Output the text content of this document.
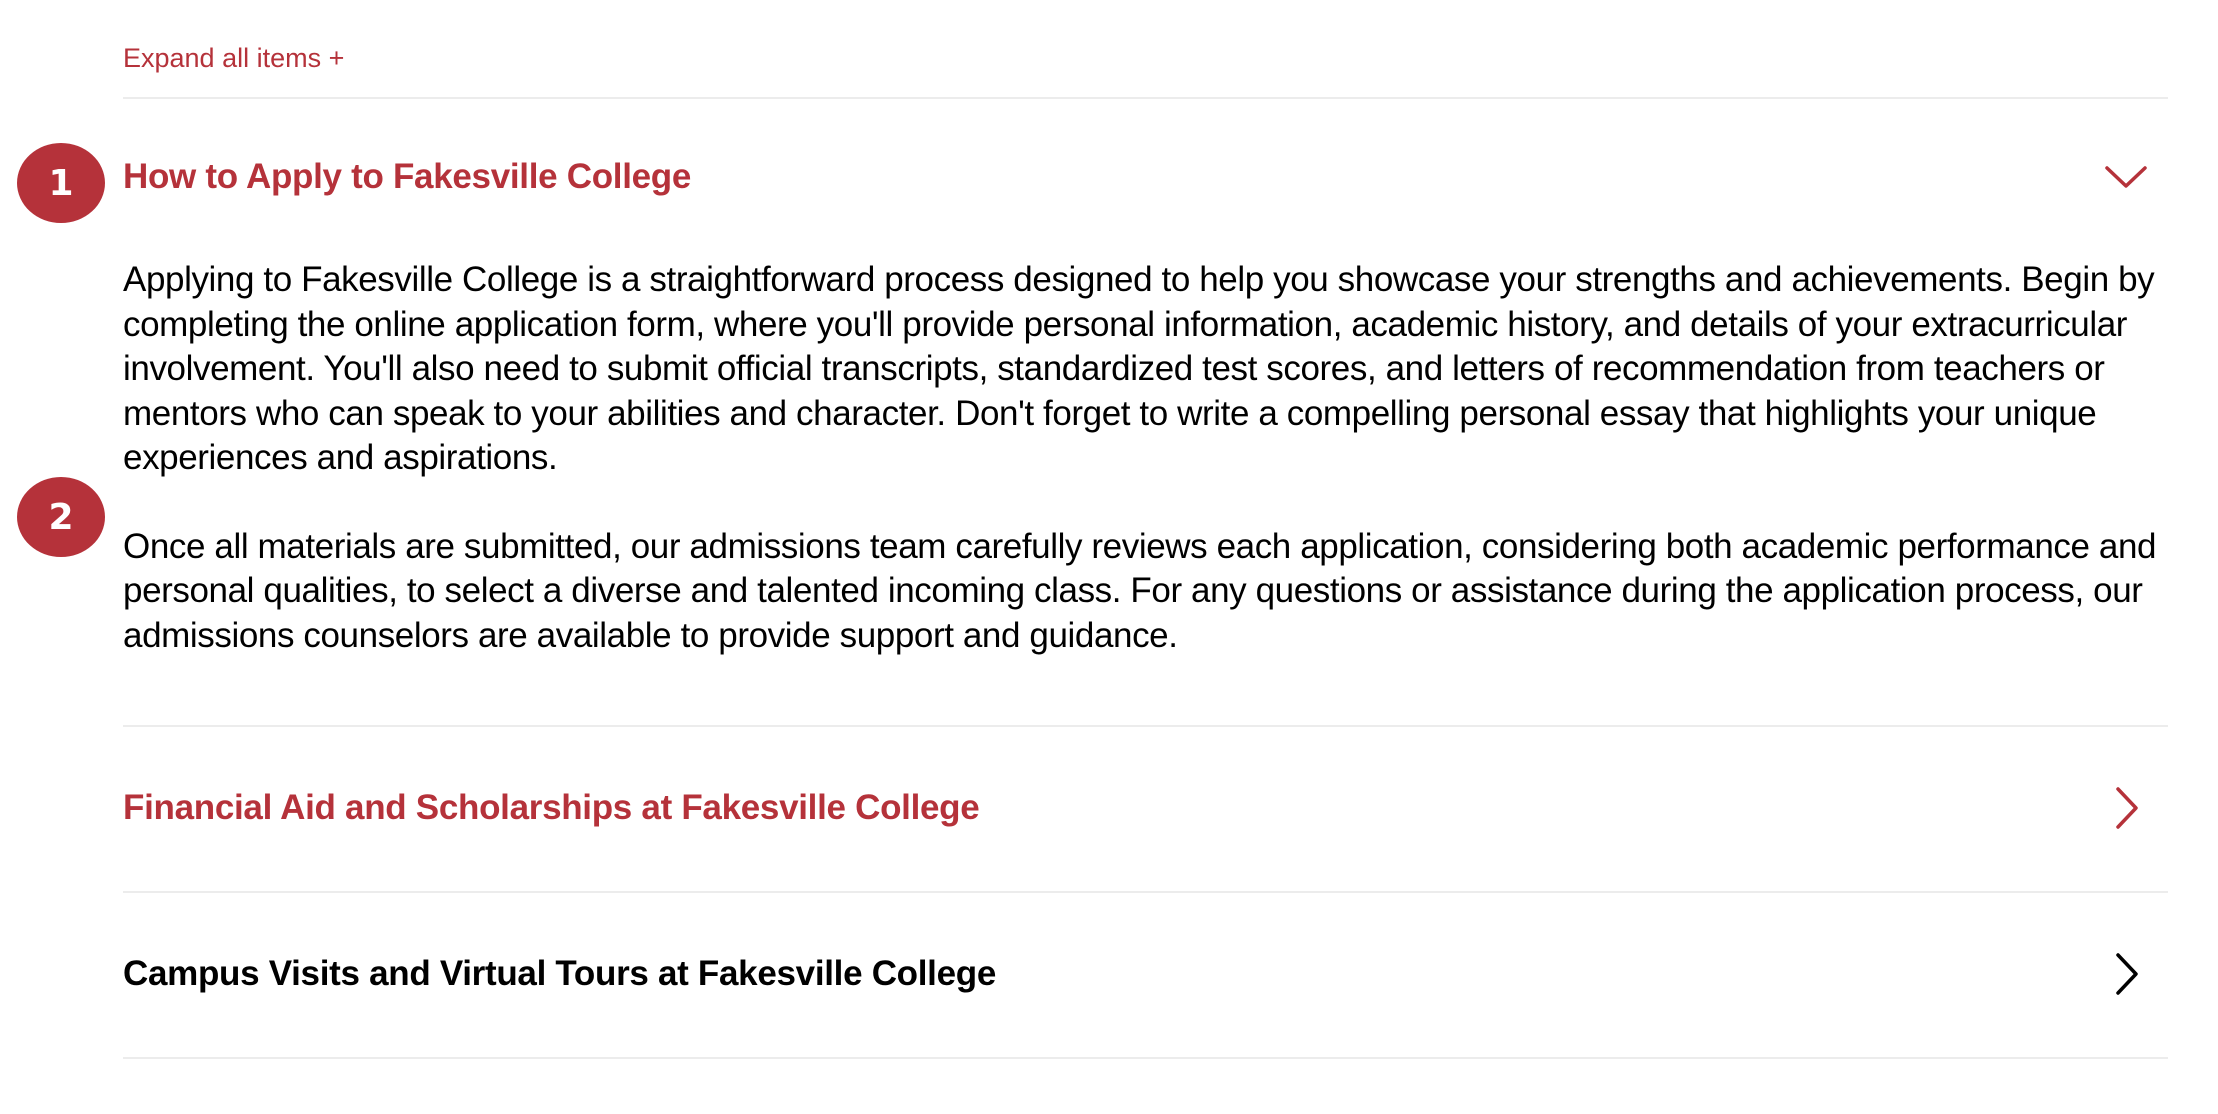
Expand all items +
How to Apply to Fakesville College

Applying to Fakesville College is a straightforward process designed to help you showcase your strengths and achievements. Begin by completing the online application form, where you'll provide personal information, academic history, and details of your extracurricular involvement. You'll also need to submit official transcripts, standardized test scores, and letters of recommendation from teachers or mentors who can speak to your abilities and character. Don't forget to write a compelling personal essay that highlights your unique experiences and aspirations.

Once all materials are submitted, our admissions team carefully reviews each application, considering both academic performance and personal qualities, to select a diverse and talented incoming class. For any questions or assistance during the application process, our admissions counselors are available to provide support and guidance.

Financial Aid and Scholarships at Fakesville College
Campus Visits and Virtual Tours at Fakesville College
1
2
